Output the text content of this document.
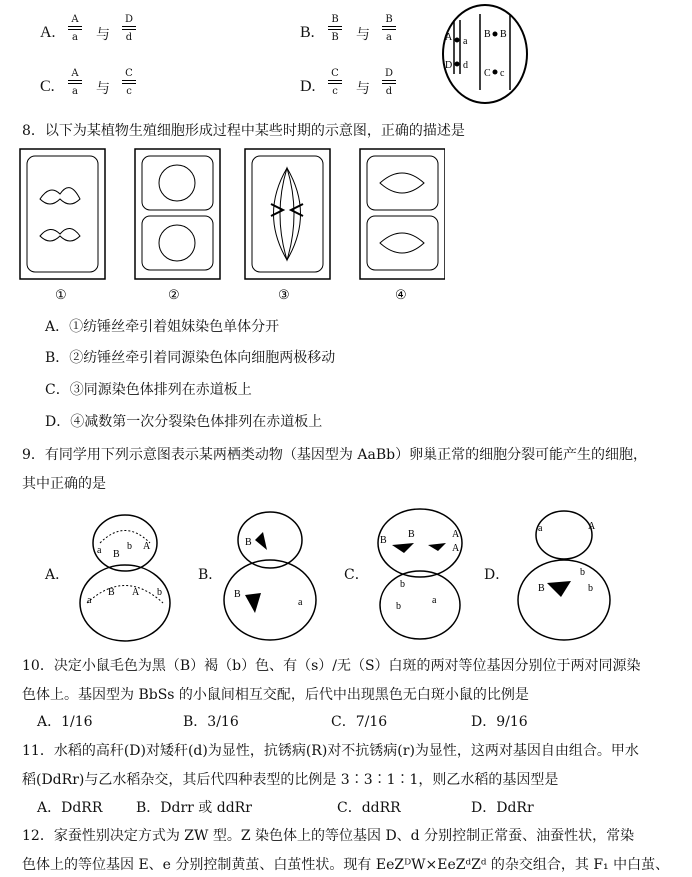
A.
A
a 与
D
d	B.
B
B 与
B
a
C.
A
a 与
C
c	D.
C
c	与
D
d
A a
B B
D d
C c
8．以下为某植物生殖细胞形成过程中某些时期的示意图，正确的描述是
①	②	③	④
A．①纺锤丝牵引着姐妹染色单体分开
B．②纺锤丝牵引着同源染色体向细胞两极移动
C．③同源染色体排列在赤道板上
D．④减数第一次分裂染色体排列在赤道板上
9．有同学用下列示意图表示某两栖类动物（基因型为 AaBb）卵巢正常的细胞分裂可能产生的细胞，
其中正确的是
A．	B．	C．	D．
a B
b A
a
B A b
B
B
a
B
B	A
A
b
b
a
a	A
B
b
b
10．决定小鼠毛色为黑（B）褐（b）色、有（s）/无（S）白斑的两对等位基因分别位于两对同源染
色体上。基因型为 BbSs 的小鼠间相互交配，后代中出现黑色无白斑小鼠的比例是
A．1/16	B．3/16	C．7/16	D．9/16
11．水稻的高秆(D)对矮秆(d)为显性，抗锈病(R)对不抗锈病(r)为显性，这两对基因自由组合。甲水
稻(DdRr)与乙水稻杂交，其后代四种表型的比例是 3∶3∶1∶1，则乙水稻的基因型是
A．DdRR B．Ddrr 或 ddRr	C．ddRR	D．DdRr
12．家蚕性别决定方式为 ZW 型。Z 染色体上的等位基因 D、d 分别控制正常蚕、油蚕性状，常染
色体上的等位基因 E、e 分别控制黄茧、白茧性状。现有 EeZᴰW×EeZᵈZᵈ 的杂交组合，其 F₁ 中白茧、
